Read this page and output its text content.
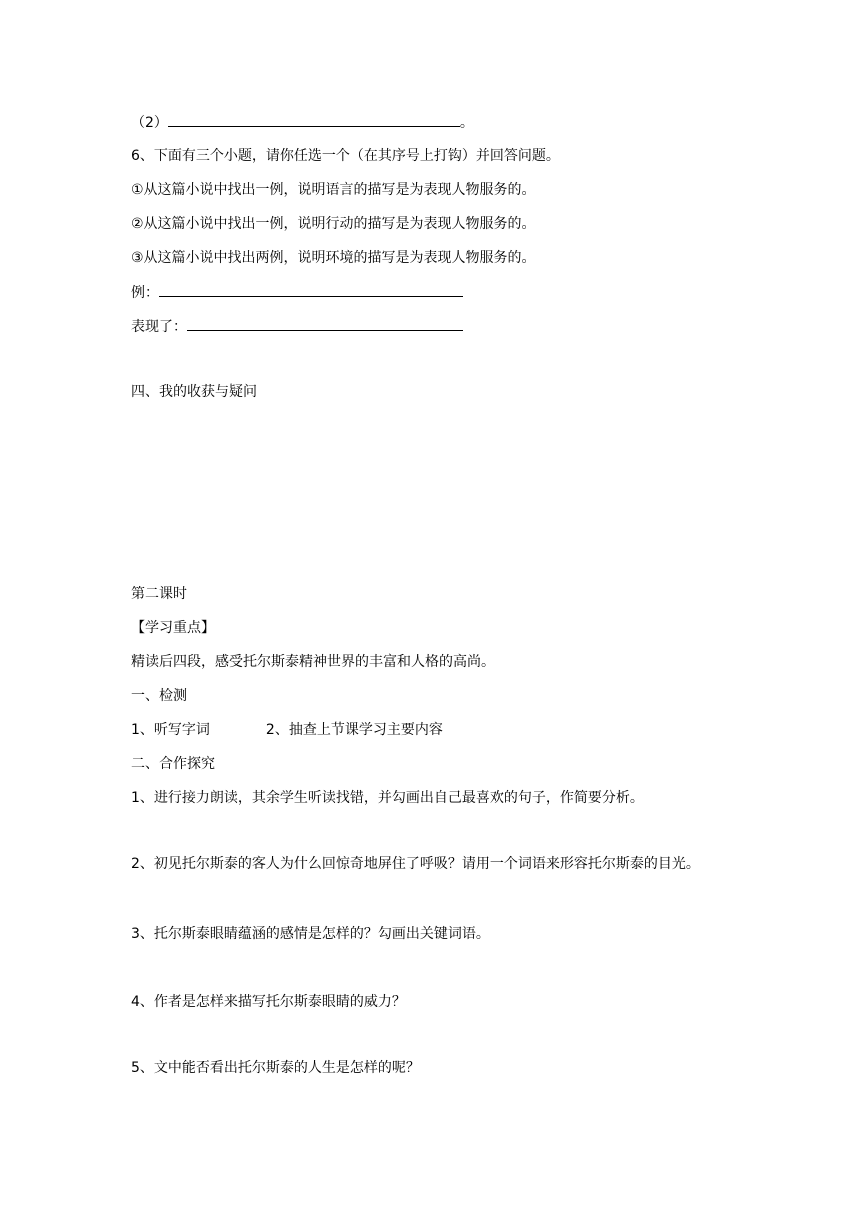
（2）	。
6、下面有三个小题，请你任选一个（在其序号上打钩）并回答问题。
①从这篇小说中找出一例，说明语言的描写是为表现人物服务的。
②从这篇小说中找出一例，说明行动的描写是为表现人物服务的。
③从这篇小说中找出两例，说明环境的描写是为表现人物服务的。
例：
表现了：
四、我的收获与疑问
第二课时
【学习重点】
精读后四段，感受托尔斯泰精神世界的丰富和人格的高尚。
一、检测
1、听写字词	2、抽查上节课学习主要内容
二、合作探究
1、进行接力朗读，其余学生听读找错，并勾画出自己最喜欢的句子，作简要分析。
2、初见托尔斯泰的客人为什么回惊奇地屏住了呼吸？请用一个词语来形容托尔斯泰的目光。
3、托尔斯泰眼睛蕴涵的感情是怎样的？勾画出关键词语。
4、作者是怎样来描写托尔斯泰眼睛的威力？
5、文中能否看出托尔斯泰的人生是怎样的呢？
